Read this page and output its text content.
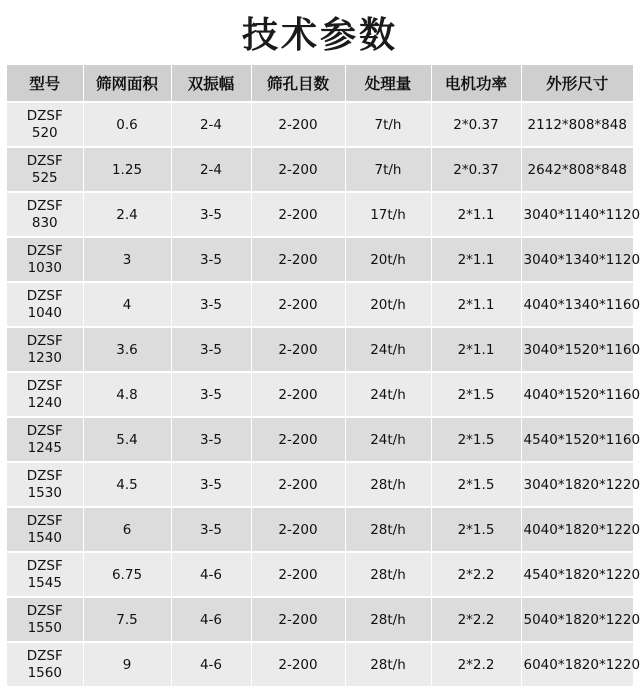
技术参数
型号	筛网面积	双振幅	筛孔目数	处理量	电机功率	外形尺寸

DZSF
520	0.6	2-4	2-200	7t/h	2*0.37	2112*808*848

DZSF
525	1.25	2-4	2-200	7t/h	2*0.37	2642*808*848

DZSF
830	2.4	3-5	2-200	17t/h	2*1.1	3040*1140*1120

DZSF
1030	3	3-5	2-200	20t/h	2*1.1	3040*1340*1120

DZSF
1040	4	3-5	2-200	20t/h	2*1.1	4040*1340*1160

DZSF
1230	3.6	3-5	2-200	24t/h	2*1.1	3040*1520*1160

DZSF
1240	4.8	3-5	2-200	24t/h	2*1.5	4040*1520*1160

DZSF
1245	5.4	3-5	2-200	24t/h	2*1.5	4540*1520*1160

DZSF
1530	4.5	3-5	2-200	28t/h	2*1.5	3040*1820*1220

DZSF
1540	6	3-5	2-200	28t/h	2*1.5	4040*1820*1220

DZSF
1545	6.75	4-6	2-200	28t/h	2*2.2	4540*1820*1220

DZSF
1550	7.5	4-6	2-200	28t/h	2*2.2	5040*1820*1220

DZSF
1560	9	4-6	2-200	28t/h	2*2.2	6040*1820*1220
